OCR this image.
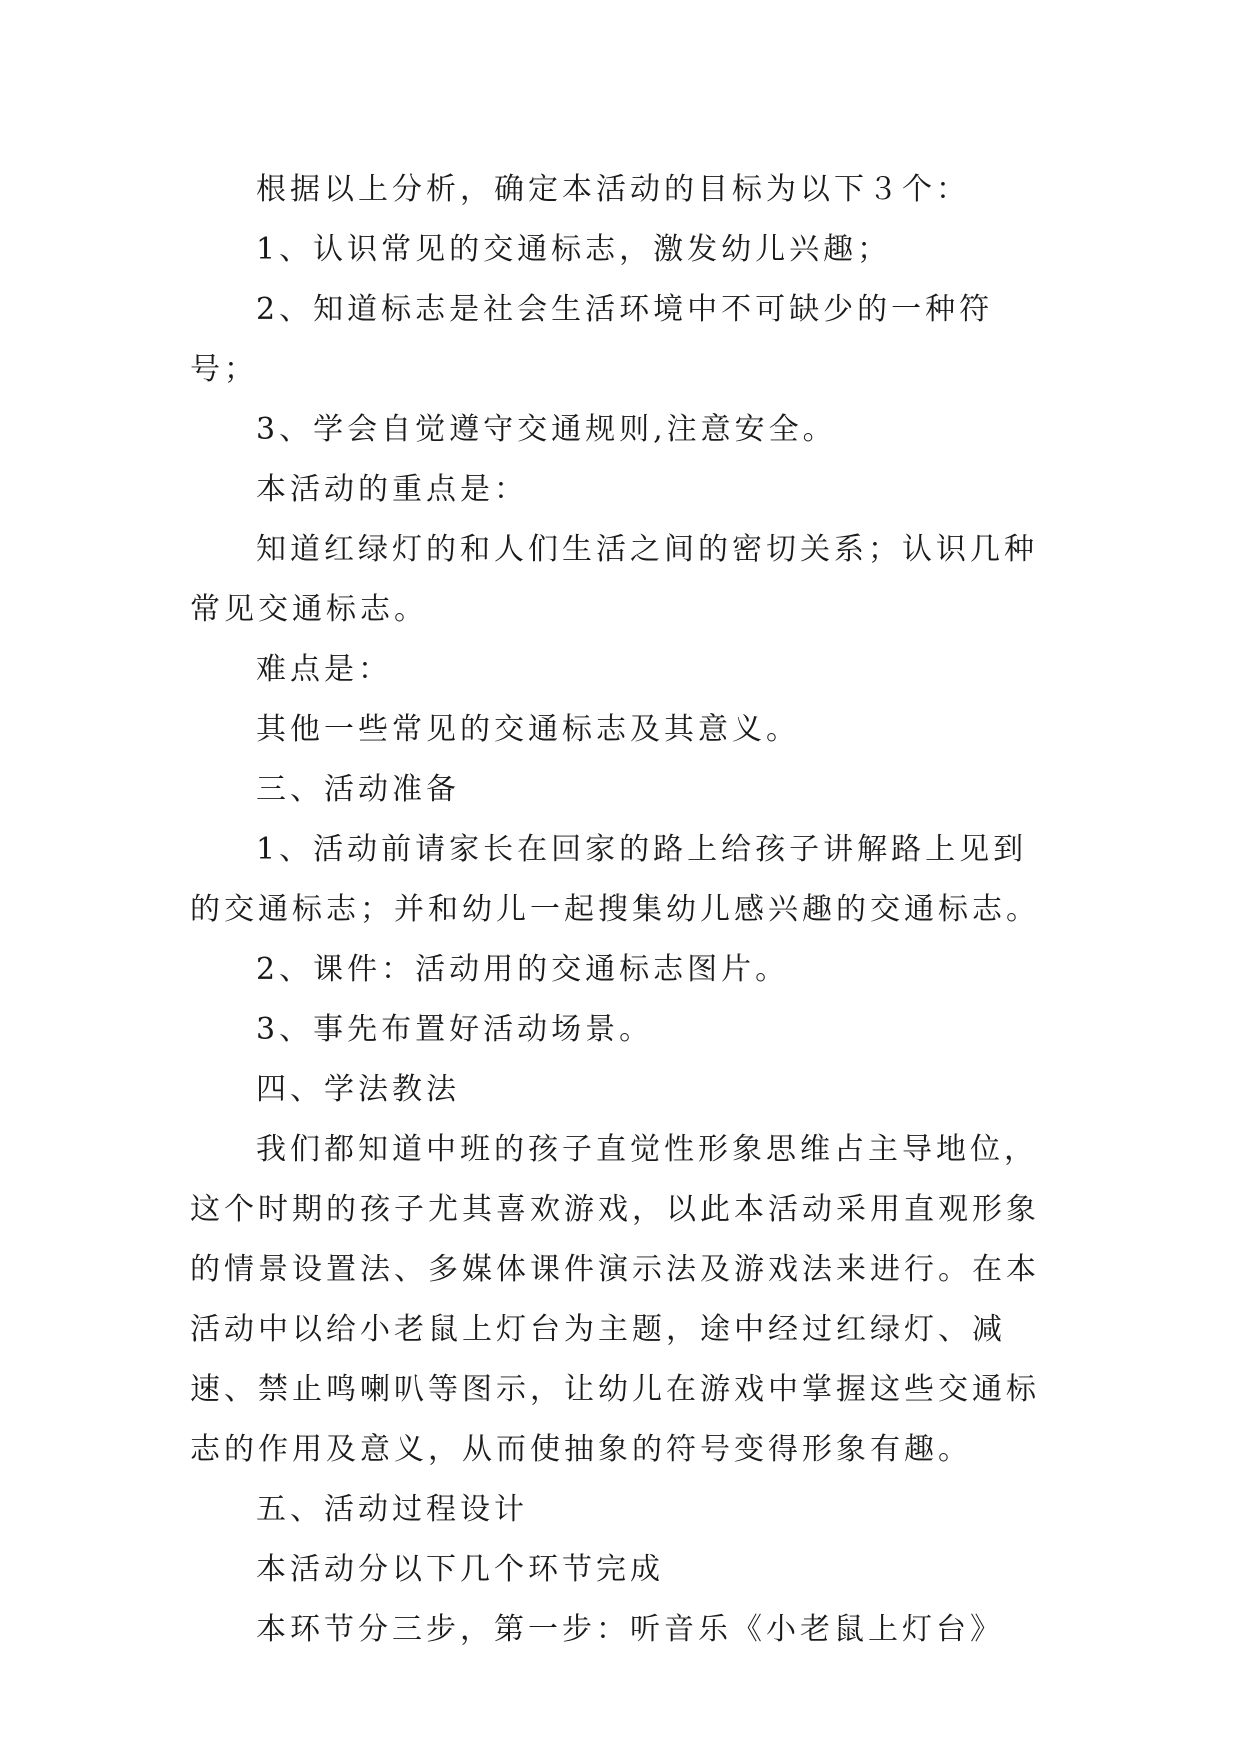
根据以上分析，确定本活动的目标为以下３个：

1、认识常见的交通标志，激发幼儿兴趣；

2、知道标志是社会生活环境中不可缺少的一种符号；

3、学会自觉遵守交通规则,注意安全。

本活动的重点是：

知道红绿灯的和人们生活之间的密切关系；认识几种常见交通标志。

难点是：

其他一些常见的交通标志及其意义。

三、活动准备

1、活动前请家长在回家的路上给孩子讲解路上见到的交通标志；并和幼儿一起搜集幼儿感兴趣的交通标志。

2、课件：活动用的交通标志图片。

3、事先布置好活动场景。

四、学法教法

我们都知道中班的孩子直觉性形象思维占主导地位，这个时期的孩子尤其喜欢游戏，以此本活动采用直观形象的情景设置法、多媒体课件演示法及游戏法来进行。在本活动中以给小老鼠上灯台为主题，途中经过红绿灯、减速、禁止鸣喇叭等图示，让幼儿在游戏中掌握这些交通标志的作用及意义，从而使抽象的符号变得形象有趣。

五、活动过程设计

本活动分以下几个环节完成

本环节分三步，第一步：听音乐《小老鼠上灯台》
